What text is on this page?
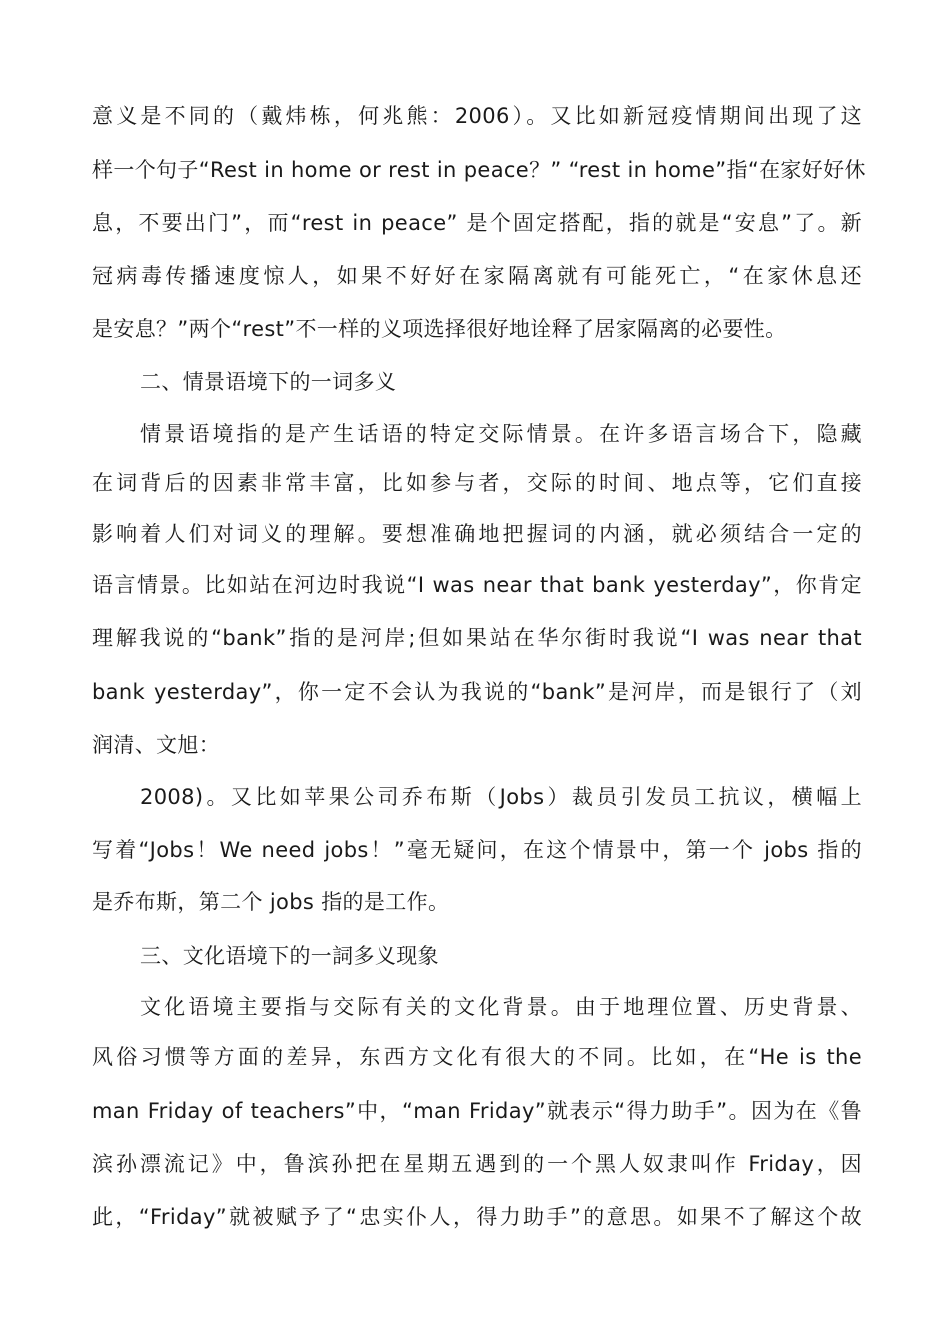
意义是不同的（戴炜栋，何兆熊：2006）。又比如新冠疫情期间出现了这

样一个句子“Rest in home or rest in peace？” “rest in home”指“在家好好休

息，不要出门”，而“rest in peace” 是个固定搭配，指的就是“安息”了。新

冠病毒传播速度惊人，如果不好好在家隔离就有可能死亡，“在家休息还

是安息？”两个“rest”不一样的义项选择很好地诠释了居家隔离的必要性。

二、情景语境下的一词多义

情景语境指的是产生话语的特定交际情景。在许多语言场合下，隐藏

在词背后的因素非常丰富，比如参与者，交际的时间、地点等，它们直接

影响着人们对词义的理解。要想准确地把握词的内涵，就必须结合一定的

语言情景。比如站在河边时我说“I was near that bank yesterday”，你肯定

理解我说的“bank”指的是河岸;但如果站在华尔街时我说“I was near that

bank yesterday”，你一定不会认为我说的“bank”是河岸，而是银行了（刘

润清、文旭：

2008)。又比如苹果公司乔布斯（Jobs）裁员引发员工抗议，横幅上

写着“Jobs！We need jobs！”毫无疑问，在这个情景中，第一个 jobs 指的

是乔布斯，第二个 jobs 指的是工作。

三、文化语境下的一詞多义现象

文化语境主要指与交际有关的文化背景。由于地理位置、历史背景、

风俗习惯等方面的差异，东西方文化有很大的不同。比如，在“He is the

man Friday of teachers”中，“man Friday”就表示“得力助手”。因为在《鲁

滨孙漂流记》中，鲁滨孙把在星期五遇到的一个黑人奴隶叫作 Friday，因

此，“Friday”就被赋予了“忠实仆人，得力助手”的意思。如果不了解这个故
